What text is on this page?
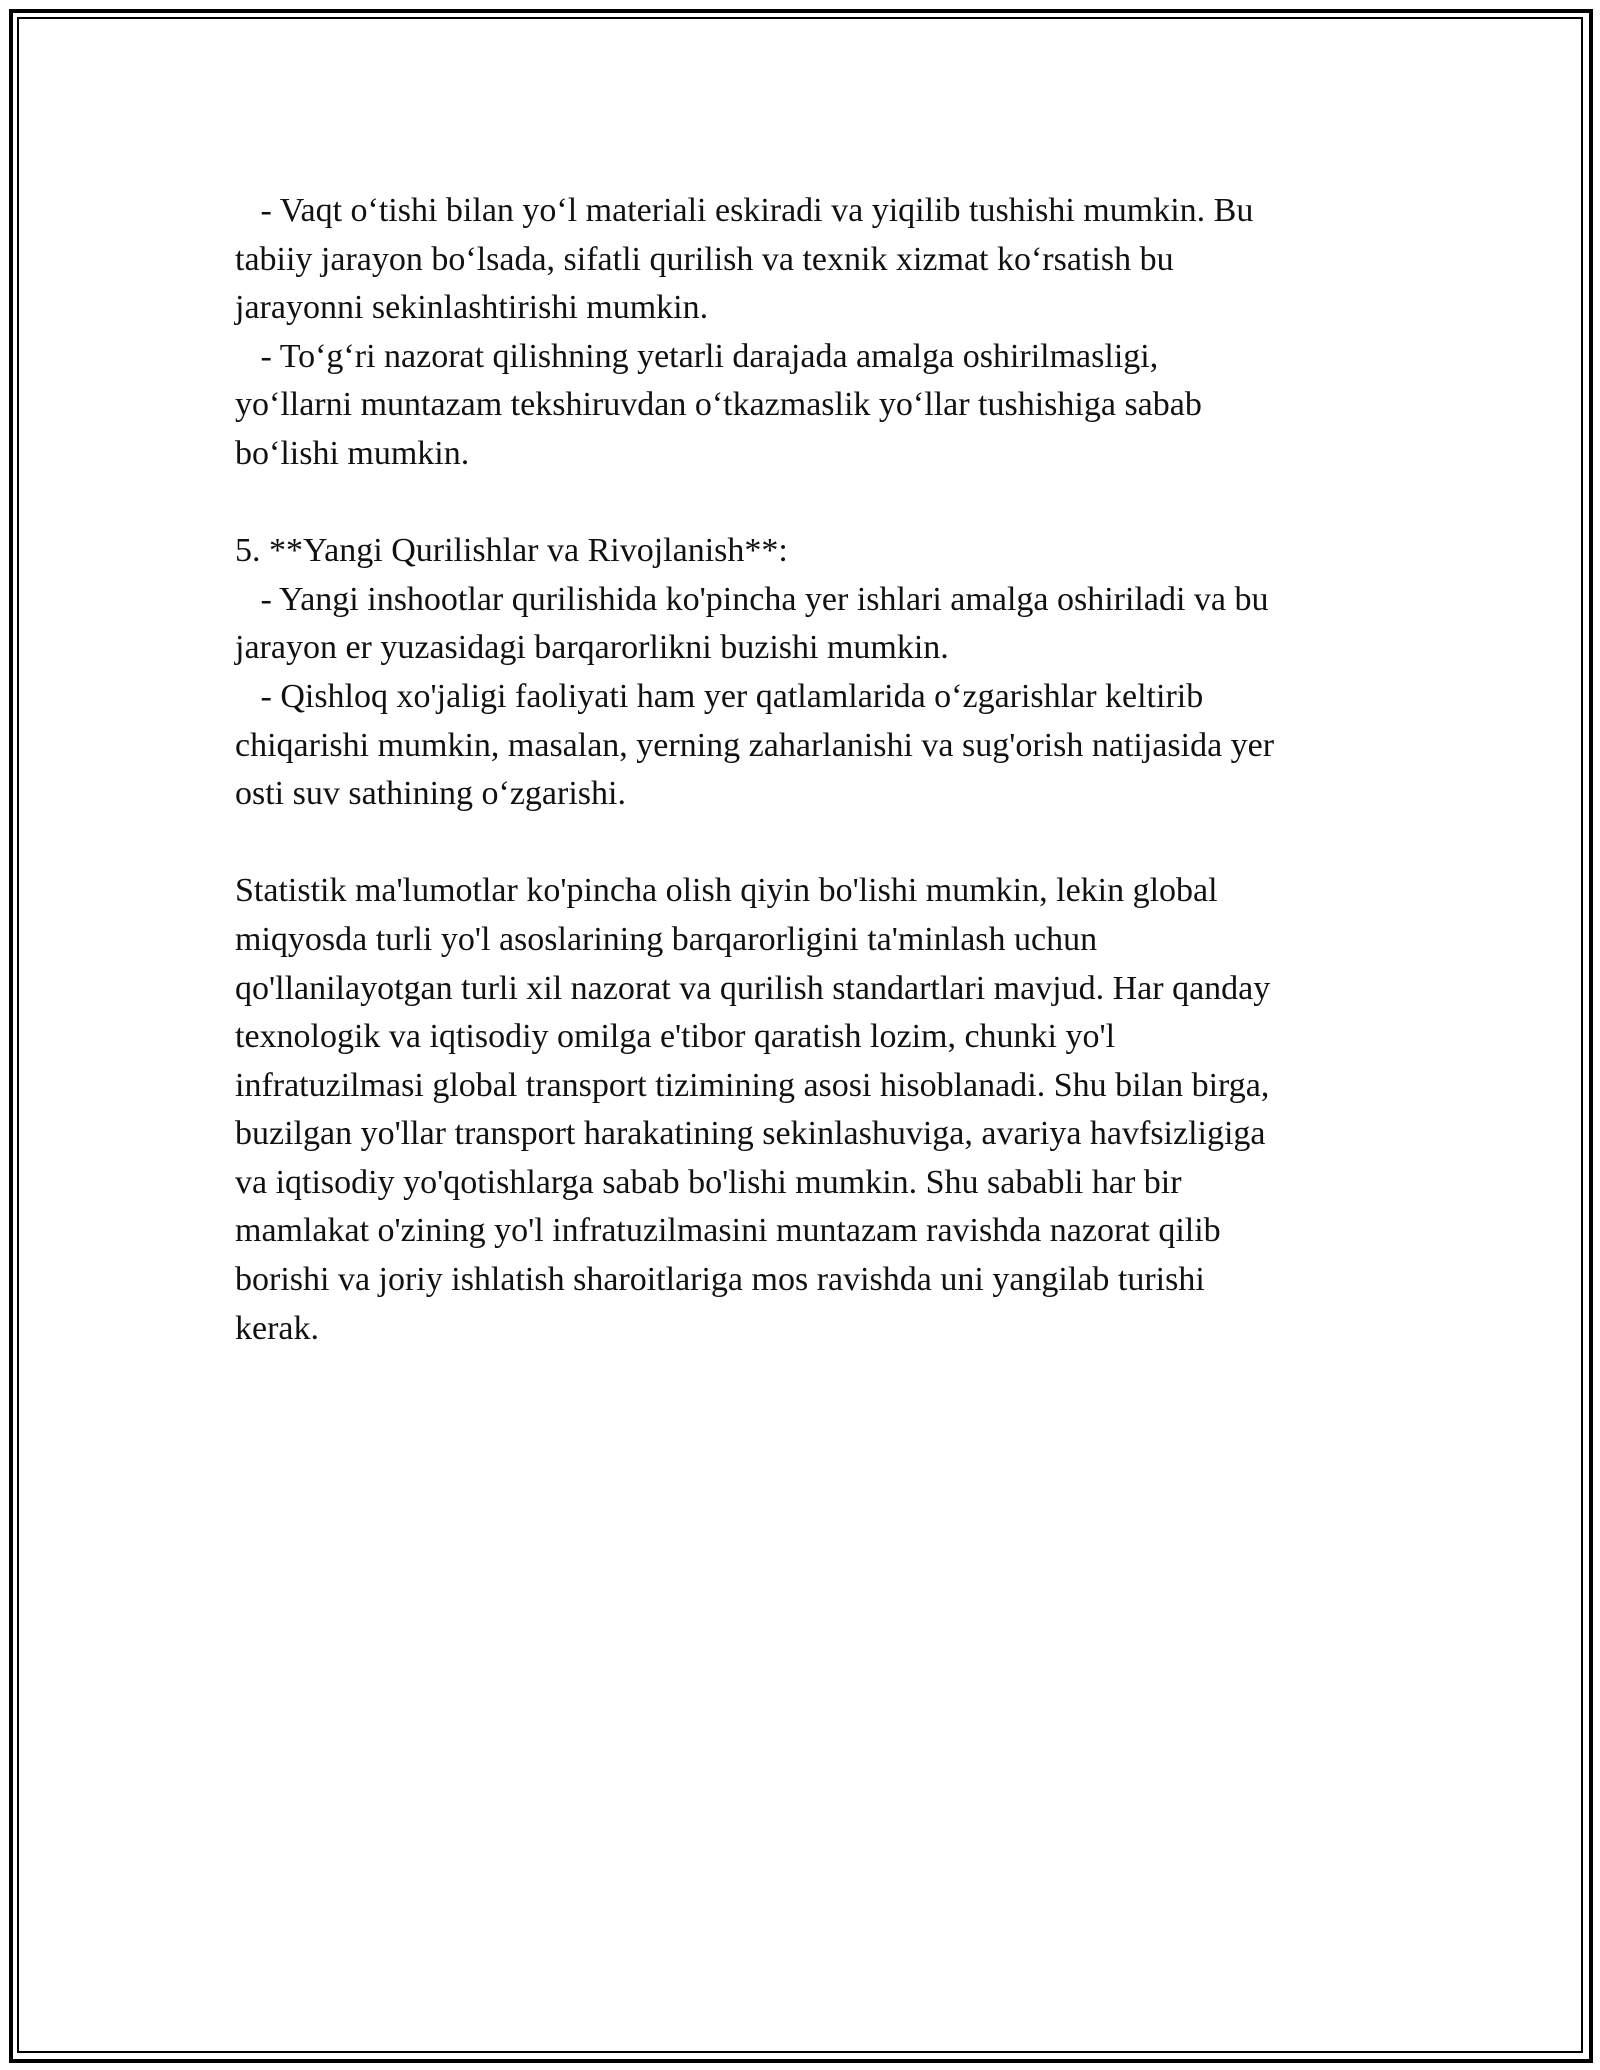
- Vaqt o‘tishi bilan yo‘l materiali eskiradi va yiqilib tushishi mumkin. Bu
tabiiy jarayon bo‘lsada, sifatli qurilish va texnik xizmat ko‘rsatish bu
jarayonni sekinlashtirishi mumkin.
- To‘g‘ri nazorat qilishning yetarli darajada amalga oshirilmasligi,
yo‘llarni muntazam tekshiruvdan o‘tkazmaslik yo‘llar tushishiga sabab
bo‘lishi mumkin.
5. **Yangi Qurilishlar va Rivojlanish**:
- Yangi inshootlar qurilishida ko'pincha yer ishlari amalga oshiriladi va bu
jarayon er yuzasidagi barqarorlikni buzishi mumkin.
- Qishloq xo'jaligi faoliyati ham yer qatlamlarida o‘zgarishlar keltirib
chiqarishi mumkin, masalan, yerning zaharlanishi va sug'orish natijasida yer
osti suv sathining o‘zgarishi.
Statistik ma'lumotlar ko'pincha olish qiyin bo'lishi mumkin, lekin global
miqyosda turli yo'l asoslarining barqarorligini ta'minlash uchun
qo'llanilayotgan turli xil nazorat va qurilish standartlari mavjud. Har qanday
texnologik va iqtisodiy omilga e'tibor qaratish lozim, chunki yo'l
infratuzilmasi global transport tizimining asosi hisoblanadi. Shu bilan birga,
buzilgan yo'llar transport harakatining sekinlashuviga, avariya havfsizligiga
va iqtisodiy yo'qotishlarga sabab bo'lishi mumkin. Shu sababli har bir
mamlakat o'zining yo'l infratuzilmasini muntazam ravishda nazorat qilib
borishi va joriy ishlatish sharoitlariga mos ravishda uni yangilab turishi
kerak.
